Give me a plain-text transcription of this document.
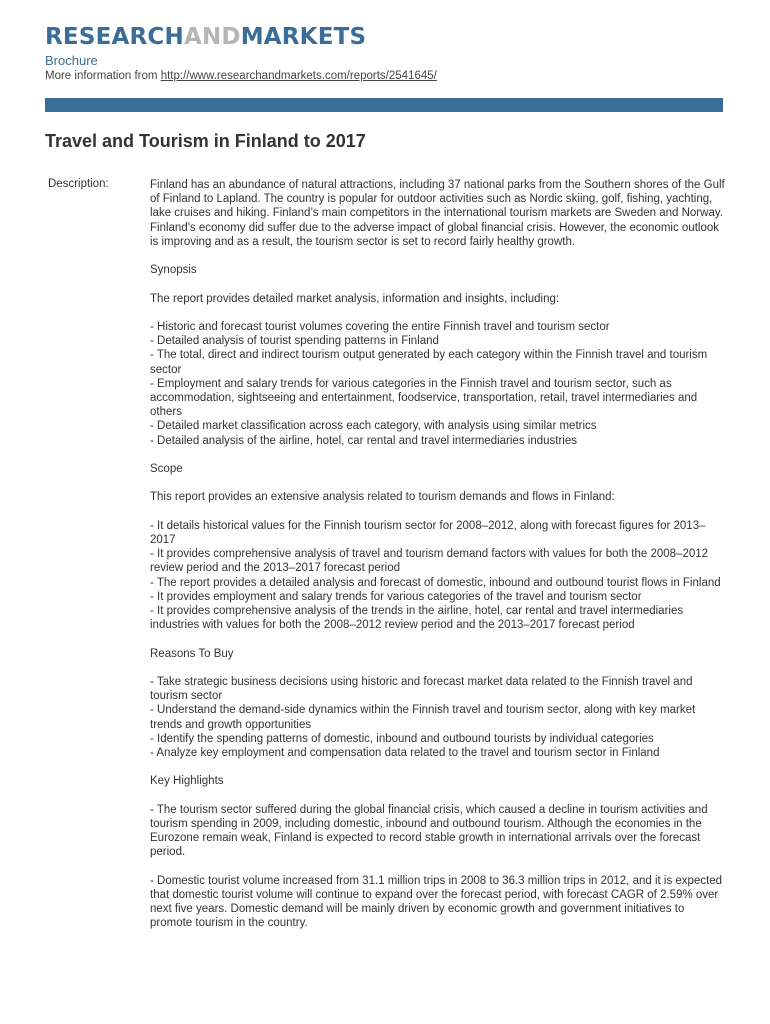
RESEARCHANDMARKETS
Brochure
More information from http://www.researchandmarkets.com/reports/2541645/
Travel and Tourism in Finland to 2017
Description:	Finland has an abundance of natural attractions, including 37 national parks from the Southern shores of the Gulf of Finland to Lapland. The country is popular for outdoor activities such as Nordic skiing, golf, fishing, yachting, lake cruises and hiking. Finland’s main competitors in the international tourism markets are Sweden and Norway. Finland's economy did suffer due to the adverse impact of global financial crisis. However, the economic outlook is improving and as a result, the tourism sector is set to record fairly healthy growth.

Synopsis

The report provides detailed market analysis, information and insights, including:

- Historic and forecast tourist volumes covering the entire Finnish travel and tourism sector
- Detailed analysis of tourist spending patterns in Finland
- The total, direct and indirect tourism output generated by each category within the Finnish travel and tourism sector
- Employment and salary trends for various categories in the Finnish travel and tourism sector, such as accommodation, sightseeing and entertainment, foodservice, transportation, retail, travel intermediaries and others
- Detailed market classification across each category, with analysis using similar metrics
- Detailed analysis of the airline, hotel, car rental and travel intermediaries industries

Scope

This report provides an extensive analysis related to tourism demands and flows in Finland:

- It details historical values for the Finnish tourism sector for 2008–2012, along with forecast figures for 2013–2017
- It provides comprehensive analysis of travel and tourism demand factors with values for both the 2008–2012 review period and the 2013–2017 forecast period
- The report provides a detailed analysis and forecast of domestic, inbound and outbound tourist flows in Finland
- It provides employment and salary trends for various categories of the travel and tourism sector
- It provides comprehensive analysis of the trends in the airline, hotel, car rental and travel intermediaries industries with values for both the 2008–2012 review period and the 2013–2017 forecast period

Reasons To Buy

- Take strategic business decisions using historic and forecast market data related to the Finnish travel and tourism sector
- Understand the demand-side dynamics within the Finnish travel and tourism sector, along with key market trends and growth opportunities
- Identify the spending patterns of domestic, inbound and outbound tourists by individual categories
- Analyze key employment and compensation data related to the travel and tourism sector in Finland

Key Highlights

- The tourism sector suffered during the global financial crisis, which caused a decline in tourism activities and tourism spending in 2009, including domestic, inbound and outbound tourism. Although the economies in the Eurozone remain weak, Finland is expected to record stable growth in international arrivals over the forecast period.

- Domestic tourist volume increased from 31.1 million trips in 2008 to 36.3 million trips in 2012, and it is expected that domestic tourist volume will continue to expand over the forecast period, with forecast CAGR of 2.59% over next five years. Domestic demand will be mainly driven by economic growth and government initiatives to promote tourism in the country.
